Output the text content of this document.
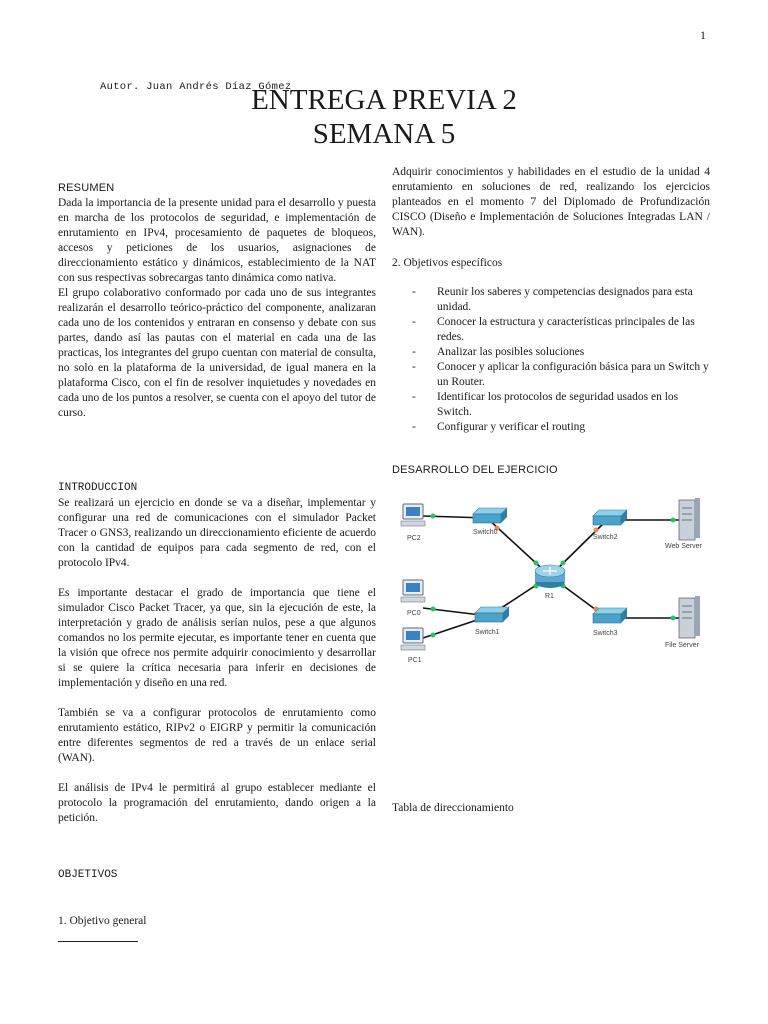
1
Autor. Juan Andrés Díaz Gómez
ENTREGA PREVIA 2
SEMANA 5
RESUMEN

Dada la importancia de la presente unidad para el desarrollo y puesta en marcha de los protocolos de seguridad, e implementación de enrutamiento en IPv4, procesamiento de paquetes de bloqueos, accesos y peticiones de los usuarios, asignaciones de direccionamiento estático y dinámicos, establecimiento de la NAT con sus respectivas sobrecargas tanto dinámica como nativa.

El grupo colaborativo conformado por cada uno de sus integrantes realizarán el desarrollo teórico-práctico del componente, analizaran cada uno de los contenidos y entraran en consenso y debate con sus partes, dando así las pautas con el material en cada una de las practicas, los integrantes del grupo cuentan con material de consulta, no solo en la plataforma de la universidad, de igual manera en la plataforma Cisco, con el fin de resolver inquietudes y novedades en cada uno de los puntos a resolver, se cuenta con el apoyo del tutor de curso.

INTRODUCCION

Se realizará un ejercicio en donde se va a diseñar, implementar y configurar una red de comunicaciones con el simulador Packet Tracer o GNS3, realizando un direccionamiento eficiente de acuerdo con la cantidad de equipos para cada segmento de red, con el protocolo IPv4.

Es importante destacar el grado de importancia que tiene el simulador Cisco Packet Tracer, ya que, sin la ejecución de este, la interpretación y grado de análisis serían nulos, pese a que algunos comandos no los permite ejecutar, es importante tener en cuenta que la visión que ofrece nos permite adquirir conocimiento y desarrollar si se quiere la crítica necesaria para inferir en decisiones de implementación y diseño en una red.

También se va a configurar protocolos de enrutamiento como enrutamiento estático, RIPv2 o EIGRP y permitir la comunicación entre diferentes segmentos de red a través de un enlace serial (WAN).

El análisis de IPv4 le permitirá al grupo establecer mediante el protocolo la programación del enrutamiento, dando origen a la petición.

OBJETIVOS
1. Objetivo general

Adquirir conocimientos y habilidades en el estudio de la unidad 4 enrutamiento en soluciones de red, realizando los ejercicios planteados en el momento 7 del Diplomado de Profundización CISCO (Diseño e Implementación de Soluciones Integradas LAN / WAN).

2. Objetivos específicos
- Reunir los saberes y competencias designados para esta unidad.
- Conocer la estructura y características principales de las redes.
- Analizar las posibles soluciones
- Conocer y aplicar la configuración básica para un Switch y un Router.
- Identificar los protocolos de seguridad usados en los Switch.
- Configurar y verificar el routing
DESARROLLO DEL EJERCICIO
PC2
Switch0
Switch2
Web Server
R1
PC0
Switch1	Switch3
File Server
PC1
Tabla de direccionamiento
